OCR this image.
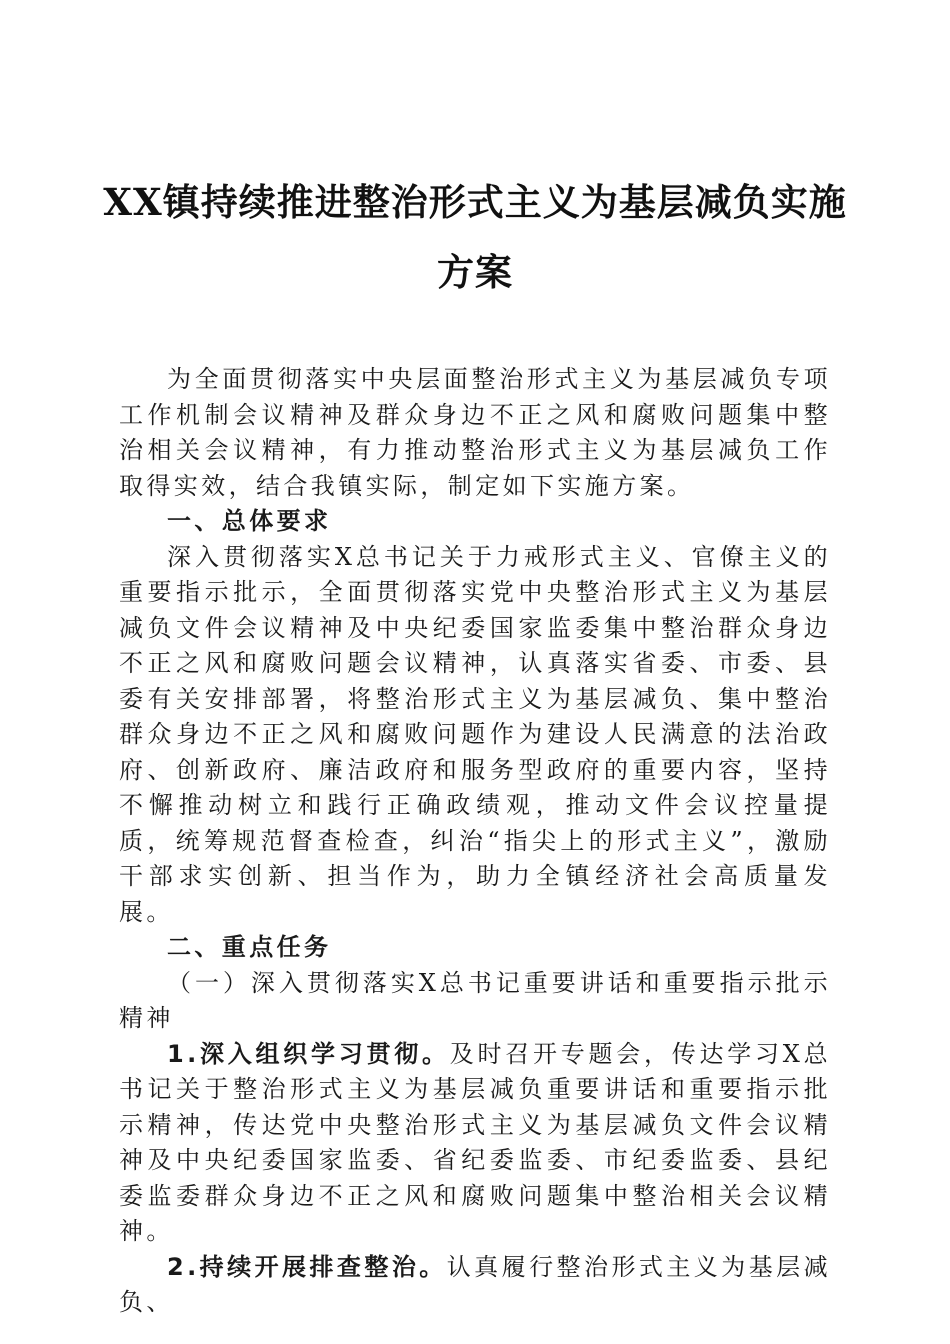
XX镇持续推进整治形式主义为基层减负实施
方案

为全面贯彻落实中央层面整治形式主义为基层减负专项工作机制会议精神及群众身边不正之风和腐败问题集中整治相关会议精神，有力推动整治形式主义为基层减负工作取得实效，结合我镇实际，制定如下实施方案。

一、总体要求

深入贯彻落实X总书记关于力戒形式主义、官僚主义的重要指示批示，全面贯彻落实党中央整治形式主义为基层减负文件会议精神及中央纪委国家监委集中整治群众身边不正之风和腐败问题会议精神，认真落实省委、市委、县委有关安排部署，将整治形式主义为基层减负、集中整治群众身边不正之风和腐败问题作为建设人民满意的法治政府、创新政府、廉洁政府和服务型政府的重要内容，坚持不懈推动树立和践行正确政绩观，推动文件会议控量提质，统筹规范督查检查，纠治“指尖上的形式主义”，激励干部求实创新、担当作为，助力全镇经济社会高质量发展。

二、重点任务

（一）深入贯彻落实X总书记重要讲话和重要指示批示精神

1.深入组织学习贯彻。及时召开专题会，传达学习X总书记关于整治形式主义为基层减负重要讲话和重要指示批示精神，传达党中央整治形式主义为基层减负文件会议精神及中央纪委国家监委、省纪委监委、市纪委监委、县纪委监委群众身边不正之风和腐败问题集中整治相关会议精神。

2.持续开展排查整治。认真履行整治形式主义为基层减负、
